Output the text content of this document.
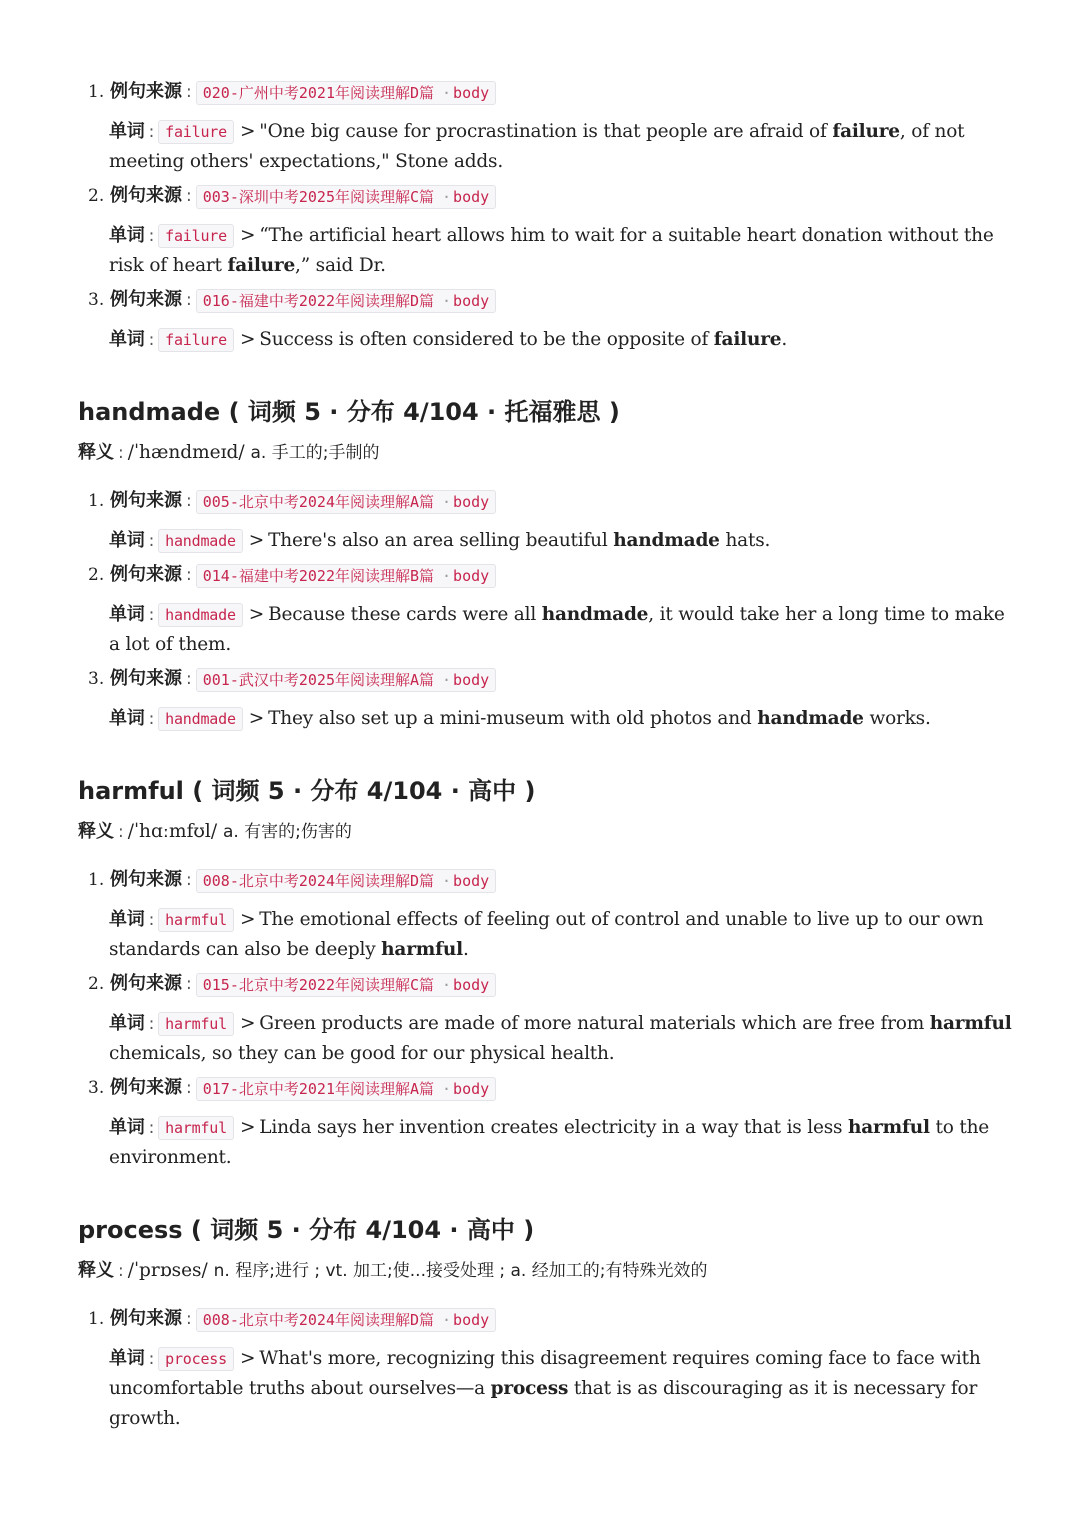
1. 例句来源 : 020-广州中考2021年阅读理解D篇 · body
单词 : failure > "One big cause for procrastination is that people are afraid of failure, of not meeting others' expectations," Stone adds.
2. 例句来源 : 003-深圳中考2025年阅读理解C篇 · body
单词 : failure > “The artificial heart allows him to wait for a suitable heart donation without the risk of heart failure,” said Dr.
3. 例句来源 : 016-福建中考2022年阅读理解D篇 · body
单词 : failure > Success is often considered to be the opposite of failure.
handmade ( 词频 5 · 分布 4/104 · 托福雅思 )
释义 : /ˈhændmeɪd/ a. 手工的;手制的
1. 例句来源 : 005-北京中考2024年阅读理解A篇 · body
单词 : handmade > There's also an area selling beautiful handmade hats.
2. 例句来源 : 014-福建中考2022年阅读理解B篇 · body
单词 : handmade > Because these cards were all handmade, it would take her a long time to make a lot of them.
3. 例句来源 : 001-武汉中考2025年阅读理解A篇 · body
单词 : handmade > They also set up a mini-museum with old photos and handmade works.
harmful ( 词频 5 · 分布 4/104 · 高中 )
释义 : /ˈhɑːmfʊl/ a. 有害的;伤害的
1. 例句来源 : 008-北京中考2024年阅读理解D篇 · body
单词 : harmful > The emotional effects of feeling out of control and unable to live up to our own standards can also be deeply harmful.
2. 例句来源 : 015-北京中考2022年阅读理解C篇 · body
单词 : harmful > Green products are made of more natural materials which are free from harmful chemicals, so they can be good for our physical health.
3. 例句来源 : 017-北京中考2021年阅读理解A篇 · body
单词 : harmful > Linda says her invention creates electricity in a way that is less harmful to the environment.
process ( 词频 5 · 分布 4/104 · 高中 )
释义 : /ˈprɒses/ n. 程序;进行 ; vt. 加工;使...接受处理 ; a. 经加工的;有特殊光效的
1. 例句来源 : 008-北京中考2024年阅读理解D篇 · body
单词 : process > What's more, recognizing this disagreement requires coming face to face with uncomfortable truths about ourselves—a process that is as discouraging as it is necessary for growth.
